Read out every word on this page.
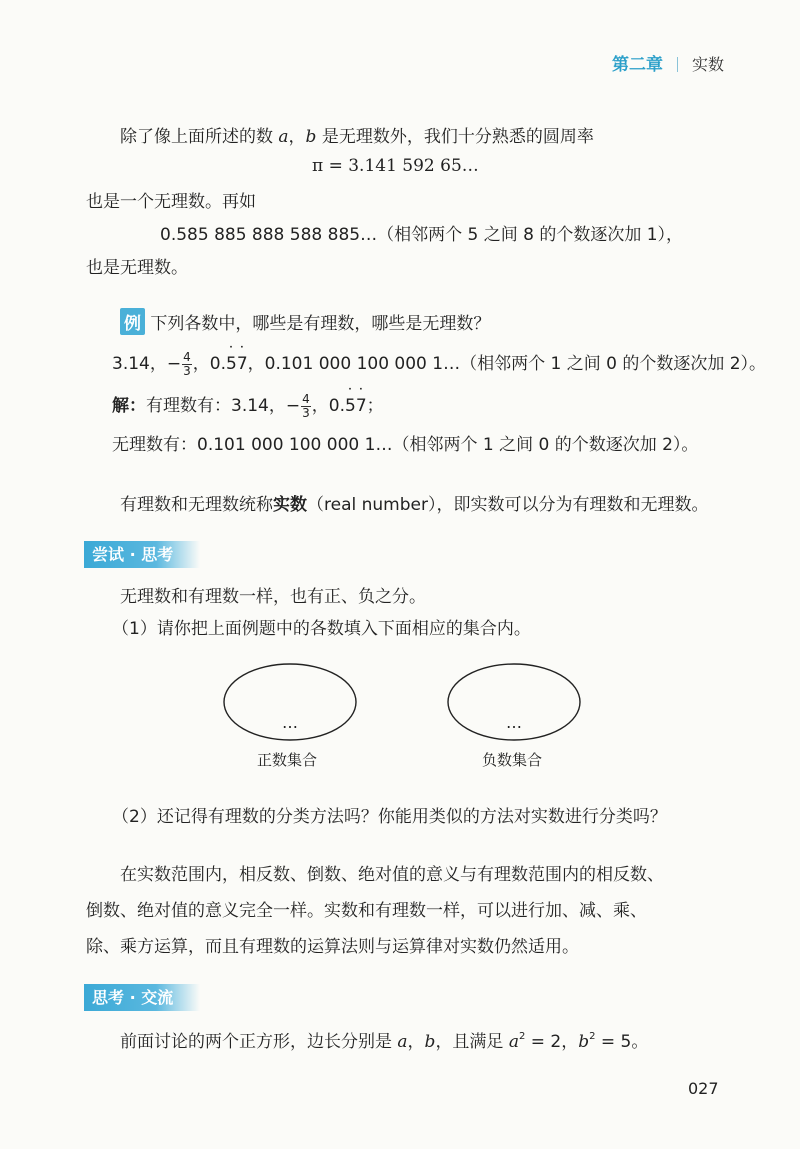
第二章 实数
除了像上面所述的数 a，b 是无理数外，我们十分熟悉的圆周率
π = 3.141 592 65…
也是一个无理数。再如
0.585 885 888 588 885…（相邻两个 5 之间 8 的个数逐次加 1），
也是无理数。
例 下列各数中，哪些是有理数，哪些是无理数？
3.14，− $\frac{4}{3}$ ，0.˙ 5˙ 7，0.101 000 100 000 1…（相邻两个 1 之间 0 的个数逐次加 2）。
解：有理数有：3.14，− $\frac{4}{3}$ ，0.˙ 5˙ 7；
无理数有：0.101 000 100 000 1…（相邻两个 1 之间 0 的个数逐次加 2）。
有理数和无理数统称实数（real number），即实数可以分为有理数和无理数。
尝试 · 思考
无理数和有理数一样，也有正、负之分。
（1）请你把上面例题中的各数填入下面相应的集合内。
…	…
正数集合	负数集合
（2）还记得有理数的分类方法吗？你能用类似的方法对实数进行分类吗？
在实数范围内，相反数、倒数、绝对值的意义与有理数范围内的相反数、
倒数、绝对值的意义完全一样。实数和有理数一样，可以进行加、减、乘、
除、乘方运算，而且有理数的运算法则与运算律对实数仍然适用。
思考 · 交流
前面讨论的两个正方形，边长分别是 a，b，且满足 $a^2 = 2$，$b^2 = 5$。
027
